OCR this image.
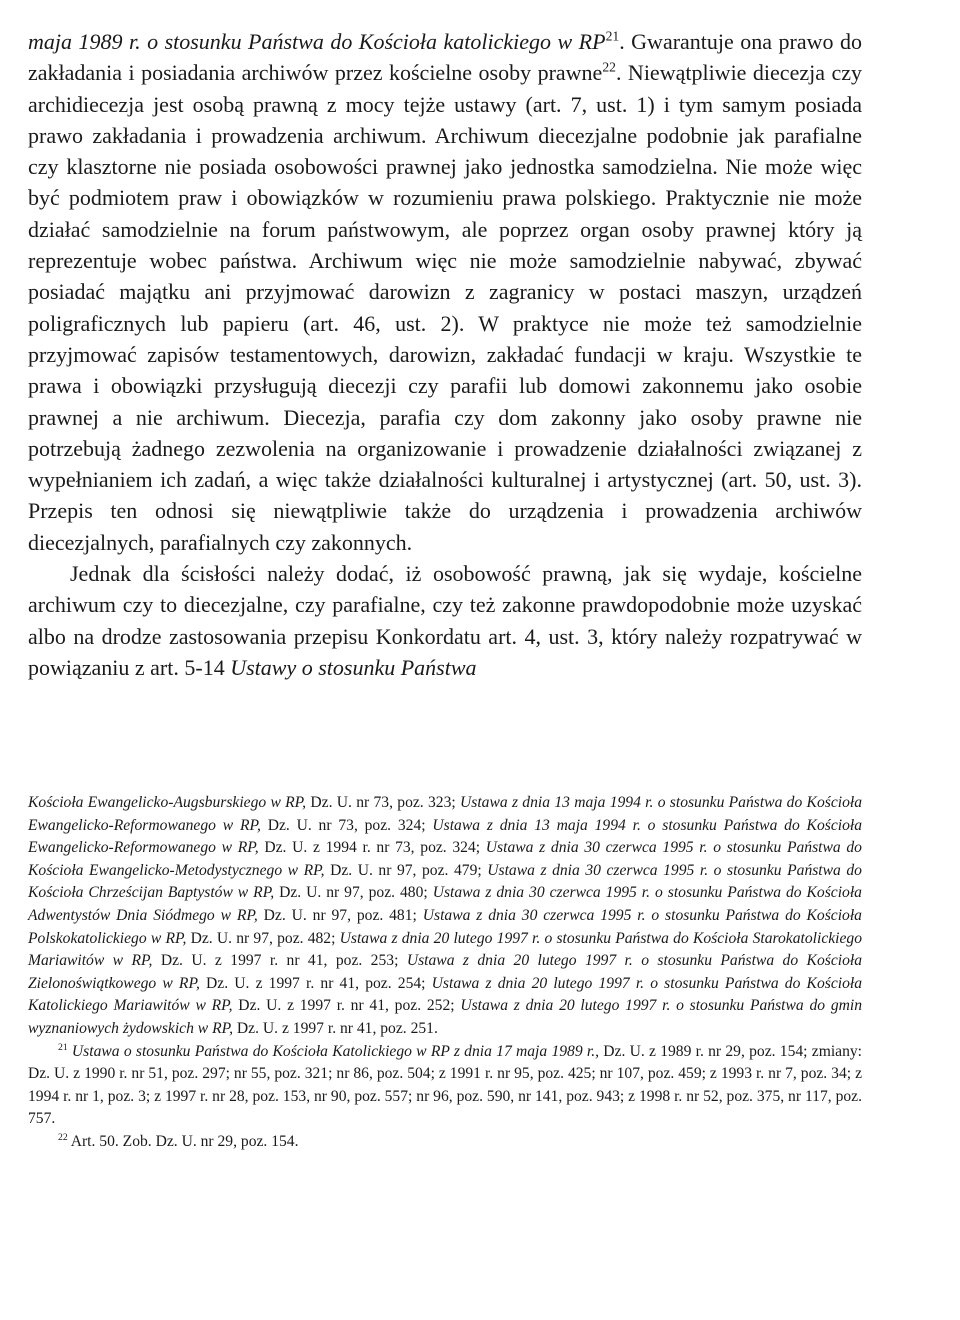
maja 1989 r. o stosunku Państwa do Kościoła katolickiego w RP$^{21}$. Gwarantuje ona prawo do zakładania i posiadania archiwów przez kościelne osoby prawne$^{22}$. Niewątpliwie diecezja czy archidiecezja jest osobą prawną z mocy tejże ustawy (art. 7, ust. 1) i tym samym posiada prawo zakładania i prowadzenia archiwum. Archiwum diecezjalne podobnie jak parafialne czy klasztorne nie posiada osobowości prawnej jako jednostka samodzielna. Nie może więc być podmiotem praw i obowiązków w rozumieniu prawa polskiego. Praktycznie nie może działać samodzielnie na forum państwowym, ale poprzez organ osoby prawnej który ją reprezentuje wobec państwa. Archiwum więc nie może samodzielnie nabywać, zbywać posiadać majątku ani przyjmować darowizn z zagranicy w postaci maszyn, urządzeń poligraficznych lub papieru (art. 46, ust. 2). W praktyce nie może też samodzielnie przyjmować zapisów testamentowych, darowizn, zakładać fundacji w kraju. Wszystkie te prawa i obowiązki przysługują diecezji czy parafii lub domowi zakonnemu jako osobie prawnej a nie archiwum. Diecezja, parafia czy dom zakonny jako osoby prawne nie potrzebują żadnego zezwolenia na organizowanie i prowadzenie działalności związanej z wypełnianiem ich zadań, a więc także działalności kulturalnej i artystycznej (art. 50, ust. 3). Przepis ten odnosi się niewątpliwie także do urządzenia i prowadzenia archiwów diecezjalnych, parafialnych czy zakonnych.

Jednak dla ścisłości należy dodać, iż osobowość prawną, jak się wydaje, kościelne archiwum czy to diecezjalne, czy parafialne, czy też zakonne prawdopodobnie może uzyskać albo na drodze zastosowania przepisu Konkordatu art. 4, ust. 3, który należy rozpatrywać w powiązaniu z art. 5-14 Ustawy o stosunku Państwa

Kościoła Ewangelicko-Augsburskiego w RP, Dz. U. nr 73, poz. 323; Ustawa z dnia 13 maja 1994 r. o stosunku Państwa do Kościoła Ewangelicko-Reformowanego w RP, Dz. U. nr 73, poz. 324; Ustawa z dnia 13 maja 1994 r. o stosunku Państwa do Kościoła Ewangelicko-Reformowanego w RP, Dz. U. z 1994 r. nr 73, poz. 324; Ustawa z dnia 30 czerwca 1995 r. o stosunku Państwa do Kościoła Ewangelicko-Metodystycznego w RP, Dz. U. nr 97, poz. 479; Ustawa z dnia 30 czerwca 1995 r. o stosunku Państwa do Kościoła Chrześcijan Baptystów w RP, Dz. U. nr 97, poz. 480; Ustawa z dnia 30 czerwca 1995 r. o stosunku Państwa do Kościoła Adwentystów Dnia Siódmego w RP, Dz. U. nr 97, poz. 481; Ustawa z dnia 30 czerwca 1995 r. o stosunku Państwa do Kościoła Polskokatolickiego w RP, Dz. U. nr 97, poz. 482; Ustawa z dnia 20 lutego 1997 r. o stosunku Państwa do Kościoła Starokatolickiego Mariawitów w RP, Dz. U. z 1997 r. nr 41, poz. 253; Ustawa z dnia 20 lutego 1997 r. o stosunku Państwa do Kościoła Zielonoświątkowego w RP, Dz. U. z 1997 r. nr 41, poz. 254; Ustawa z dnia 20 lutego 1997 r. o stosunku Państwa do Kościoła Katolickiego Mariawitów w RP, Dz. U. z 1997 r. nr 41, poz. 252; Ustawa z dnia 20 lutego 1997 r. o stosunku Państwa do gmin wyznaniowych żydowskich w RP, Dz. U. z 1997 r. nr 41, poz. 251.

$^{21}$ Ustawa o stosunku Państwa do Kościoła Katolickiego w RP z dnia 17 maja 1989 r., Dz. U. z 1989 r. nr 29, poz. 154; zmiany: Dz. U. z 1990 r. nr 51, poz. 297; nr 55, poz. 321; nr 86, poz. 504; z 1991 r. nr 95, poz. 425; nr 107, poz. 459; z 1993 r. nr 7, poz. 34; z 1994 r. nr 1, poz. 3; z 1997 r. nr 28, poz. 153, nr 90, poz. 557; nr 96, poz. 590, nr 141, poz. 943; z 1998 r. nr 52, poz. 375, nr 117, poz. 757.

$^{22}$ Art. 50. Zob. Dz. U. nr 29, poz. 154.
